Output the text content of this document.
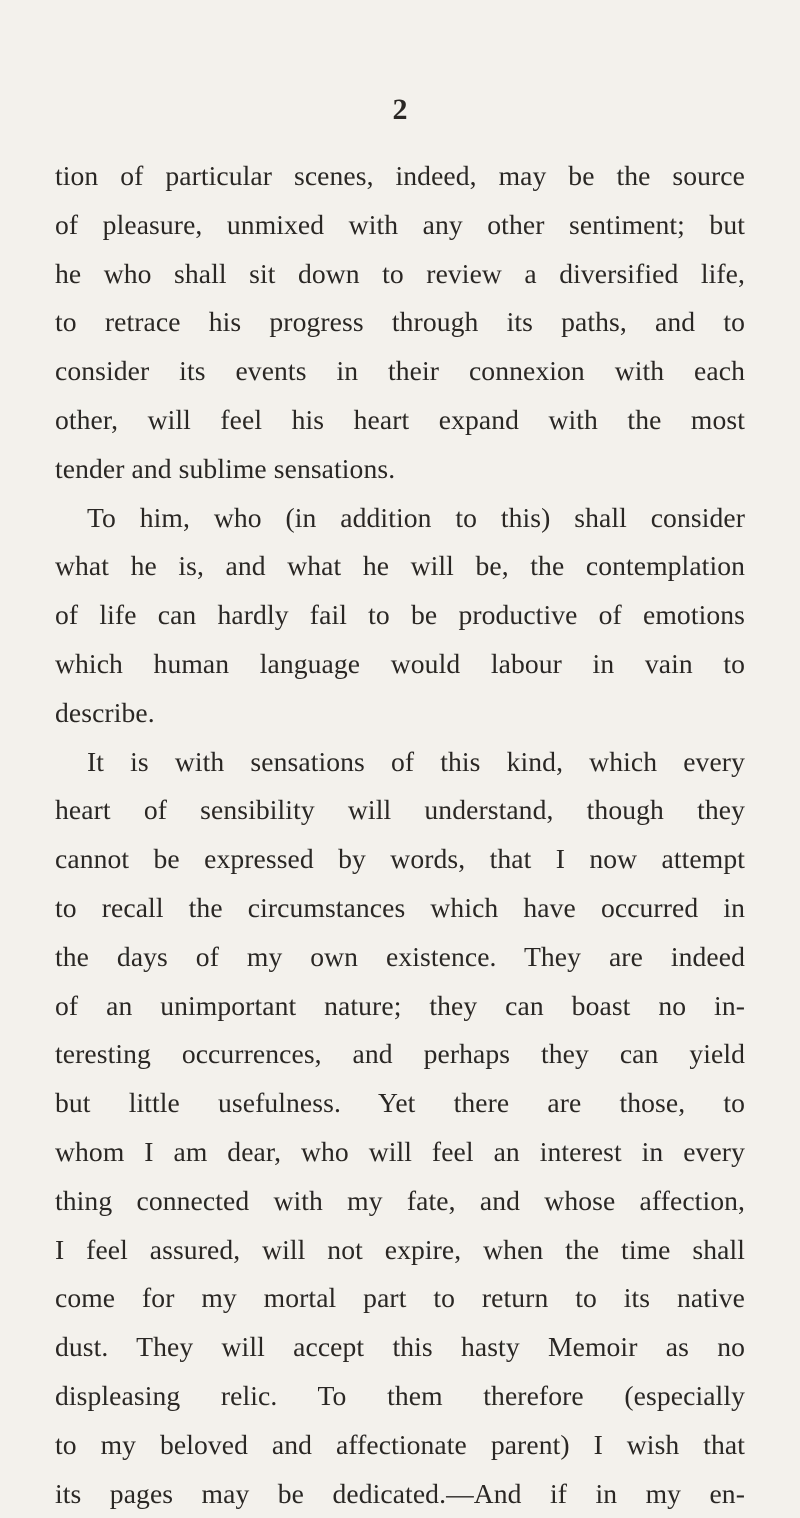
2
tion of particular scenes, indeed, may be the source
of pleasure, unmixed with any other sentiment; but
he who shall sit down to review a diversified life,
to retrace his progress through its paths, and to
consider its events in their connexion with each
other, will feel his heart expand with the most
tender and sublime sensations.
To him, who (in addition to this) shall consider
what he is, and what he will be, the contemplation
of life can hardly fail to be productive of emotions
which human language would labour in vain to
describe.
It is with sensations of this kind, which every
heart of sensibility will understand, though they
cannot be expressed by words, that I now attempt
to recall the circumstances which have occurred in
the days of my own existence. They are indeed
of an unimportant nature; they can boast no in-
teresting occurrences, and perhaps they can yield
but little usefulness. Yet there are those, to
whom I am dear, who will feel an interest in every
thing connected with my fate, and whose affection,
I feel assured, will not expire, when the time shall
come for my mortal part to return to its native
dust. They will accept this hasty Memoir as no
displeasing relic. To them therefore (especially
to my beloved and affectionate parent) I wish that
its pages may be dedicated.—And if in my en-
